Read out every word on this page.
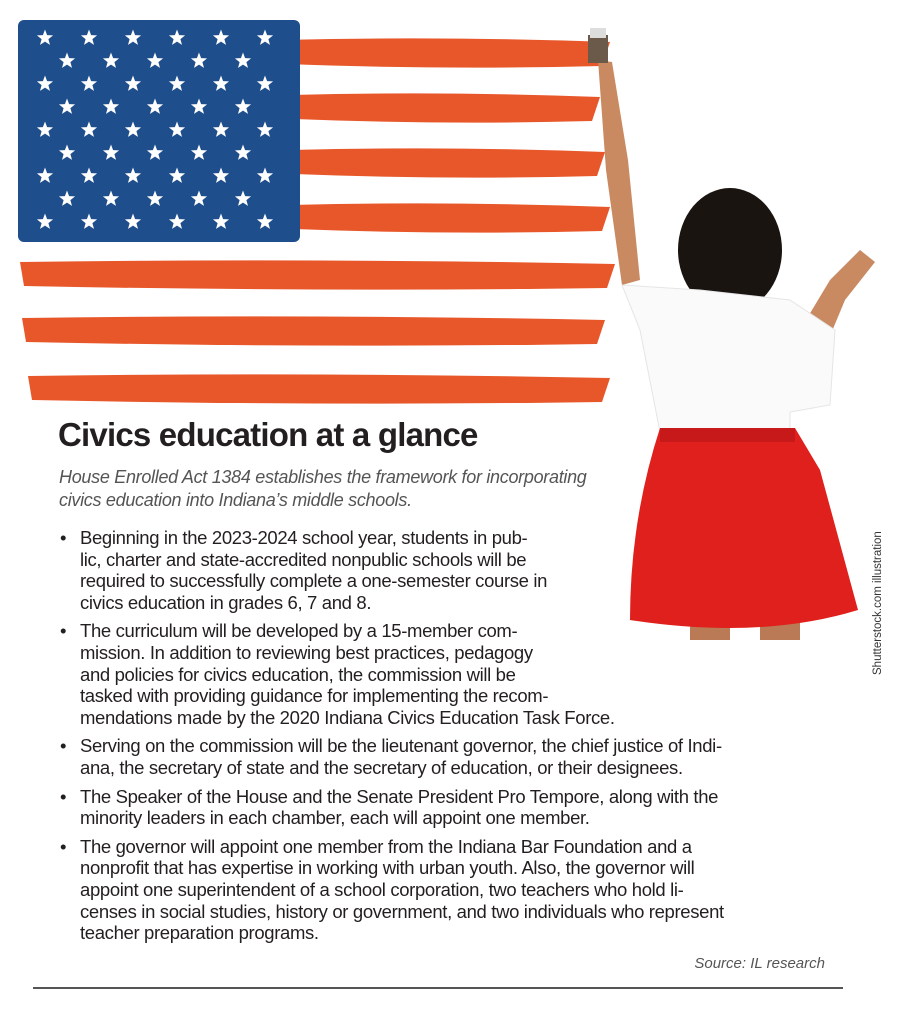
Civics education at a glance
House Enrolled Act 1384 establishes the framework for incorporating
civics education into Indiana’s middle schools.
• Beginning in the 2023-2024 school year, students in pub-
lic, charter and state-accredited nonpublic schools will be
required to successfully complete a one-semester course in
civics education in grades 6, 7 and 8.
• The curriculum will be developed by a 15-member com-
mission. In addition to reviewing best practices, pedagogy
and policies for civics education, the commission will be
tasked with providing guidance for implementing the recom-
mendations made by the 2020 Indiana Civics Education Task Force.
• Serving on the commission will be the lieutenant governor, the chief justice of Indi-
ana, the secretary of state and the secretary of education, or their designees.
• The Speaker of the House and the Senate President Pro Tempore, along with the
minority leaders in each chamber, each will appoint one member.
• The governor will appoint one member from the Indiana Bar Foundation and a
nonprofit that has expertise in working with urban youth. Also, the governor will
appoint one superintendent of a school corporation, two teachers who hold li-
censes in social studies, history or government, and two individuals who represent
teacher preparation programs.
Source: IL research
Shutterstock.com illustration
